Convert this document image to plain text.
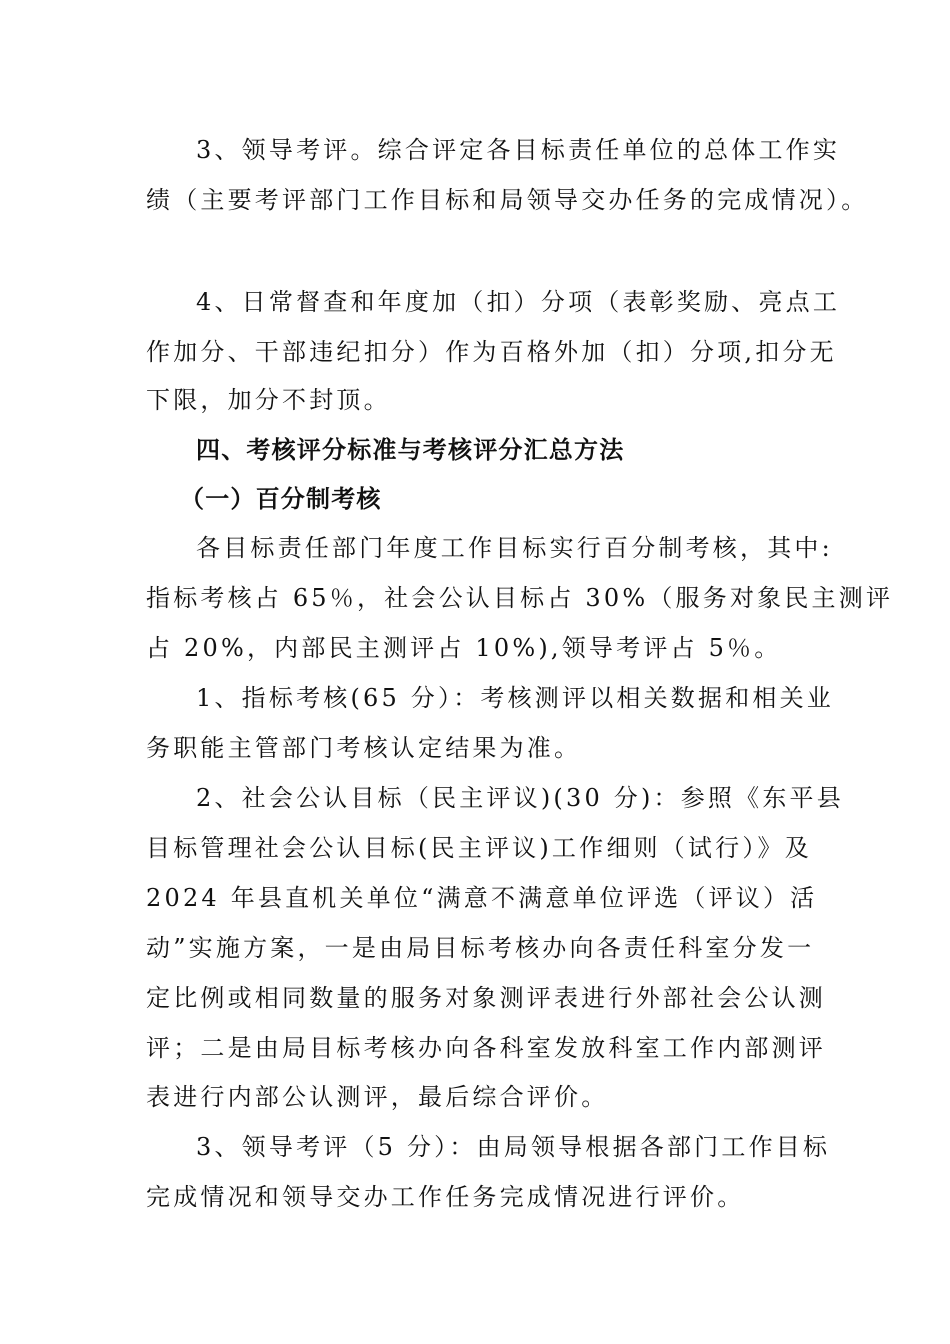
3、领导考评。综合评定各目标责任单位的总体工作实
绩（主要考评部门工作目标和局领导交办任务的完成情况）。
4、日常督查和年度加（扣）分项（表彰奖励、亮点工
作加分、干部违纪扣分）作为百格外加（扣）分项,扣分无
下限，加分不封顶。
四、考核评分标准与考核评分汇总方法
（一）百分制考核
各目标责任部门年度工作目标实行百分制考核，其中:
指标考核占 65％，社会公认目标占 30%（服务对象民主测评
占 20%，内部民主测评占 10%),领导考评占 5％。
1、指标考核(65 分）：考核测评以相关数据和相关业
务职能主管部门考核认定结果为准。
2、社会公认目标（民主评议)(30 分)：参照《东平县
目标管理社会公认目标(民主评议)工作细则（试行）》及
2024 年县直机关单位“满意不满意单位评选（评议）活
动”实施方案，一是由局目标考核办向各责任科室分发一
定比例或相同数量的服务对象测评表进行外部社会公认测
评；二是由局目标考核办向各科室发放科室工作内部测评
表进行内部公认测评，最后综合评价。
3、领导考评（5 分）：由局领导根据各部门工作目标
完成情况和领导交办工作任务完成情况进行评价。
